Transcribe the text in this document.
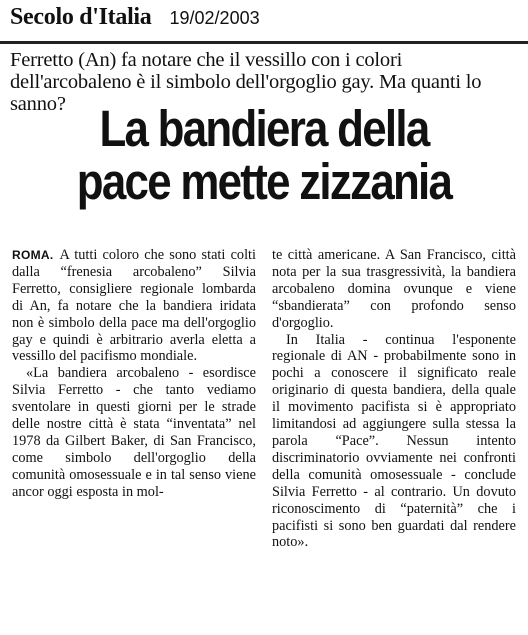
Secolo d'Italia 19/02/2003
Ferretto (An) fa notare che il vessillo con i colori dell'arcobaleno è il simbolo dell'orgoglio gay. Ma quanti lo sanno? La bandiera della
pace mette zizzania

ROMA. A tutti coloro che sono stati colti dalla “frenesia arcobaleno” Silvia Ferretto, consigliere regionale lombarda di An, fa notare che la bandiera iridata non è simbolo della pace ma dell'orgoglio gay e quindi è arbitrario averla eletta a vessillo del pacifismo mondiale.

«La bandiera arcobaleno - esordisce Silvia Ferretto - che tanto vediamo sventolare in questi giorni per le strade delle nostre città è stata “inventata” nel 1978 da Gilbert Baker, di San Francisco, come simbolo dell'orgoglio della comunità omosessuale e in tal senso viene ancor oggi esposta in mol-

te città americane. A San Francisco, città nota per la sua trasgressività, la bandiera arcobaleno domina ovunque e viene “sbandierata” con profondo senso d'orgoglio.

In Italia - continua l'esponente regionale di AN - probabilmente sono in pochi a conoscere il significato reale originario di questa bandiera, della quale il movimento pacifista si è appropriato limitandosi ad aggiungere sulla stessa la parola “Pace”. Nessun intento discriminatorio ovviamente nei confronti della comunità omosessuale - conclude Silvia Ferretto - al contrario. Un dovuto riconoscimento di “paternità” che i pacifisti si sono ben guardati dal rendere noto».
